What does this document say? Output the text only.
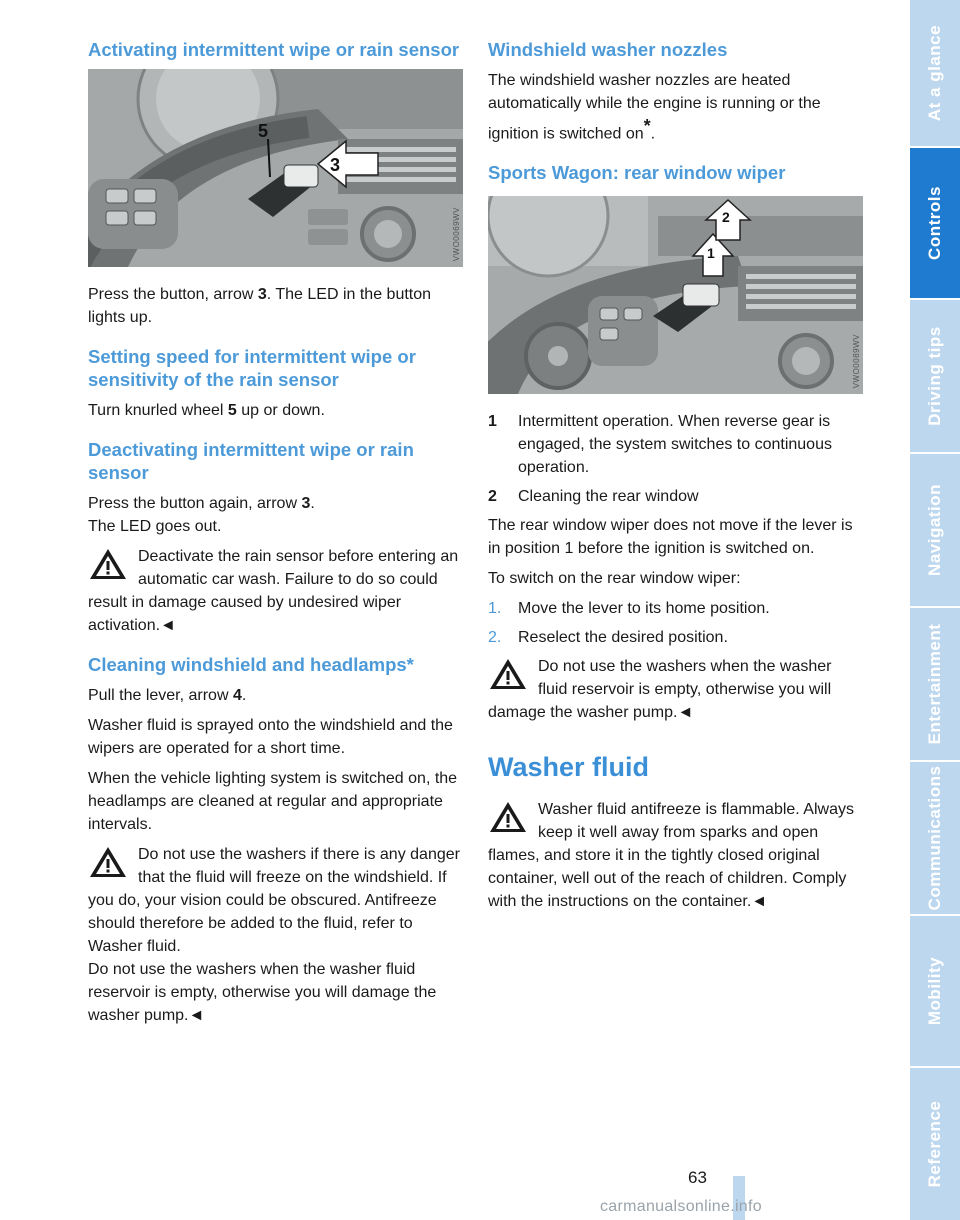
Activating intermittent wipe or rain sensor
5
3
VWO0069WV

Press the button, arrow 3. The LED in the button lights up.

Setting speed for intermittent wipe or sensitivity of the rain sensor

Turn knurled wheel 5 up or down.

Deactivating intermittent wipe or rain sensor

Press the button again, arrow 3.

The LED goes out.

Deactivate the rain sensor before entering an automatic car wash. Failure to do so could result in damage caused by undesired wiper activation.◄
Cleaning windshield and headlamps*

Pull the lever, arrow 4.

Washer fluid is sprayed onto the windshield and the wipers are operated for a short time.

When the vehicle lighting system is switched on, the headlamps are cleaned at regular and appropriate intervals.

Do not use the washers if there is any danger that the fluid will freeze on the windshield. If you do, your vision could be obscured. Antifreeze should therefore be added to the fluid, refer to Washer fluid.
Do not use the washers when the washer fluid reservoir is empty, otherwise you will damage the washer pump.◄
Windshield washer nozzles

The windshield washer nozzles are heated automatically while the engine is running or the ignition is switched on*.

Sports Wagon: rear window wiper
1
2
VWO0089WV
1	Intermittent operation. When reverse gear is engaged, the system switches to continuous operation.
2	Cleaning the rear window

The rear window wiper does not move if the lever is in position 1 before the ignition is switched on.

To switch on the rear window wiper:

1.	Move the lever to its home position.
2.	Reselect the desired position.
Do not use the washers when the washer fluid reservoir is empty, otherwise you will damage the washer pump.◄
Washer fluid
Washer fluid antifreeze is flammable. Always keep it well away from sparks and open flames, and store it in the tightly closed original container, well out of the reach of children. Comply with the instructions on the container.◄
At a glance
Controls
Driving tips
Navigation
Entertainment
Communications
Mobility
Reference
63
carmanualsonline.info
